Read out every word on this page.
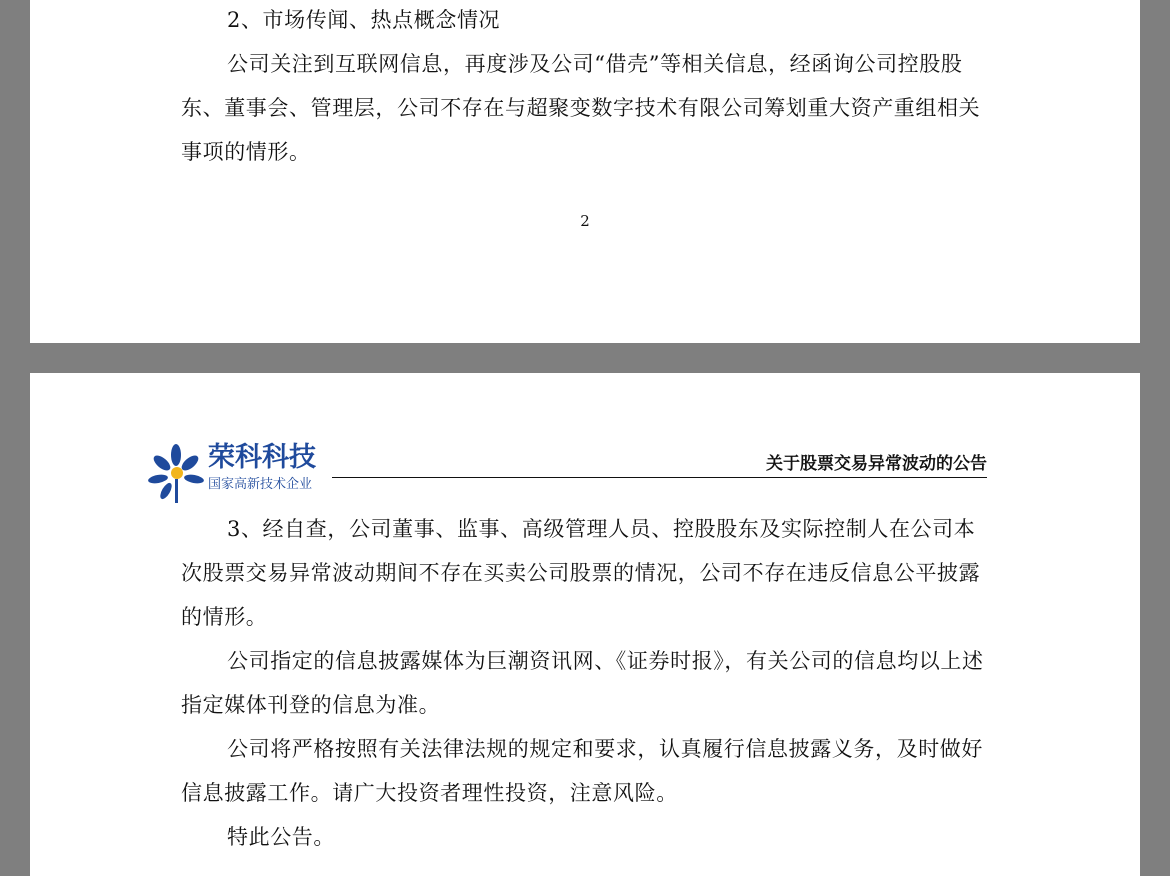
2、市场传闻、热点概念情况

公司关注到互联网信息，再度涉及公司“借壳”等相关信息，经函询公司控股股东、董事会、管理层，公司不存在与超聚变数字技术有限公司筹划重大资产重组相关事项的情形。

2

荣科科技
国家高新技术企业
关于股票交易异常波动的公告

3、经自查，公司董事、监事、高级管理人员、控股股东及实际控制人在公司本次股票交易异常波动期间不存在买卖公司股票的情况，公司不存在违反信息公平披露的情形。

公司指定的信息披露媒体为巨潮资讯网、《证券时报》，有关公司的信息均以上述指定媒体刊登的信息为准。

公司将严格按照有关法律法规的规定和要求，认真履行信息披露义务，及时做好信息披露工作。请广大投资者理性投资，注意风险。

特此公告。
